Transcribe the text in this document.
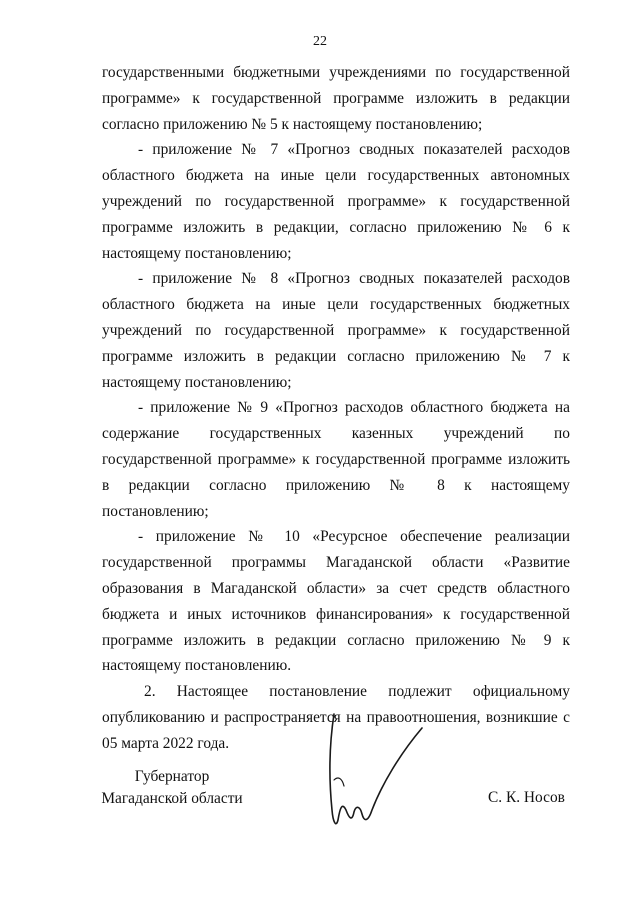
22

государственными бюджетными учреждениями по государственной программе» к государственной программе изложить в редакции согласно приложению № 5 к настоящему постановлению;

- приложение № 7 «Прогноз сводных показателей расходов областного бюджета на иные цели государственных автономных учреждений по государственной программе» к государственной программе изложить в редакции, согласно приложению № 6 к настоящему постановлению;

- приложение № 8 «Прогноз сводных показателей расходов областного бюджета на иные цели государственных бюджетных учреждений по государственной программе» к государственной программе изложить в редакции согласно приложению № 7 к настоящему постановлению;

- приложение № 9 «Прогноз расходов областного бюджета на содержание государственных казенных учреждений по государственной программе» к государственной программе изложить в редакции согласно приложению № 8 к настоящему постановлению;

- приложение № 10 «Ресурсное обеспечение реализации государственной программы Магаданской области «Развитие образования в Магаданской области» за счет средств областного бюджета и иных источников финансирования» к государственной программе изложить в редакции согласно приложению № 9 к настоящему постановлению.

2. Настоящее постановление подлежит официальному опубликованию и распространяется на правоотношения, возникшие с 05 марта 2022 года.

Губернатор
Магаданской области	С. К. Носов
